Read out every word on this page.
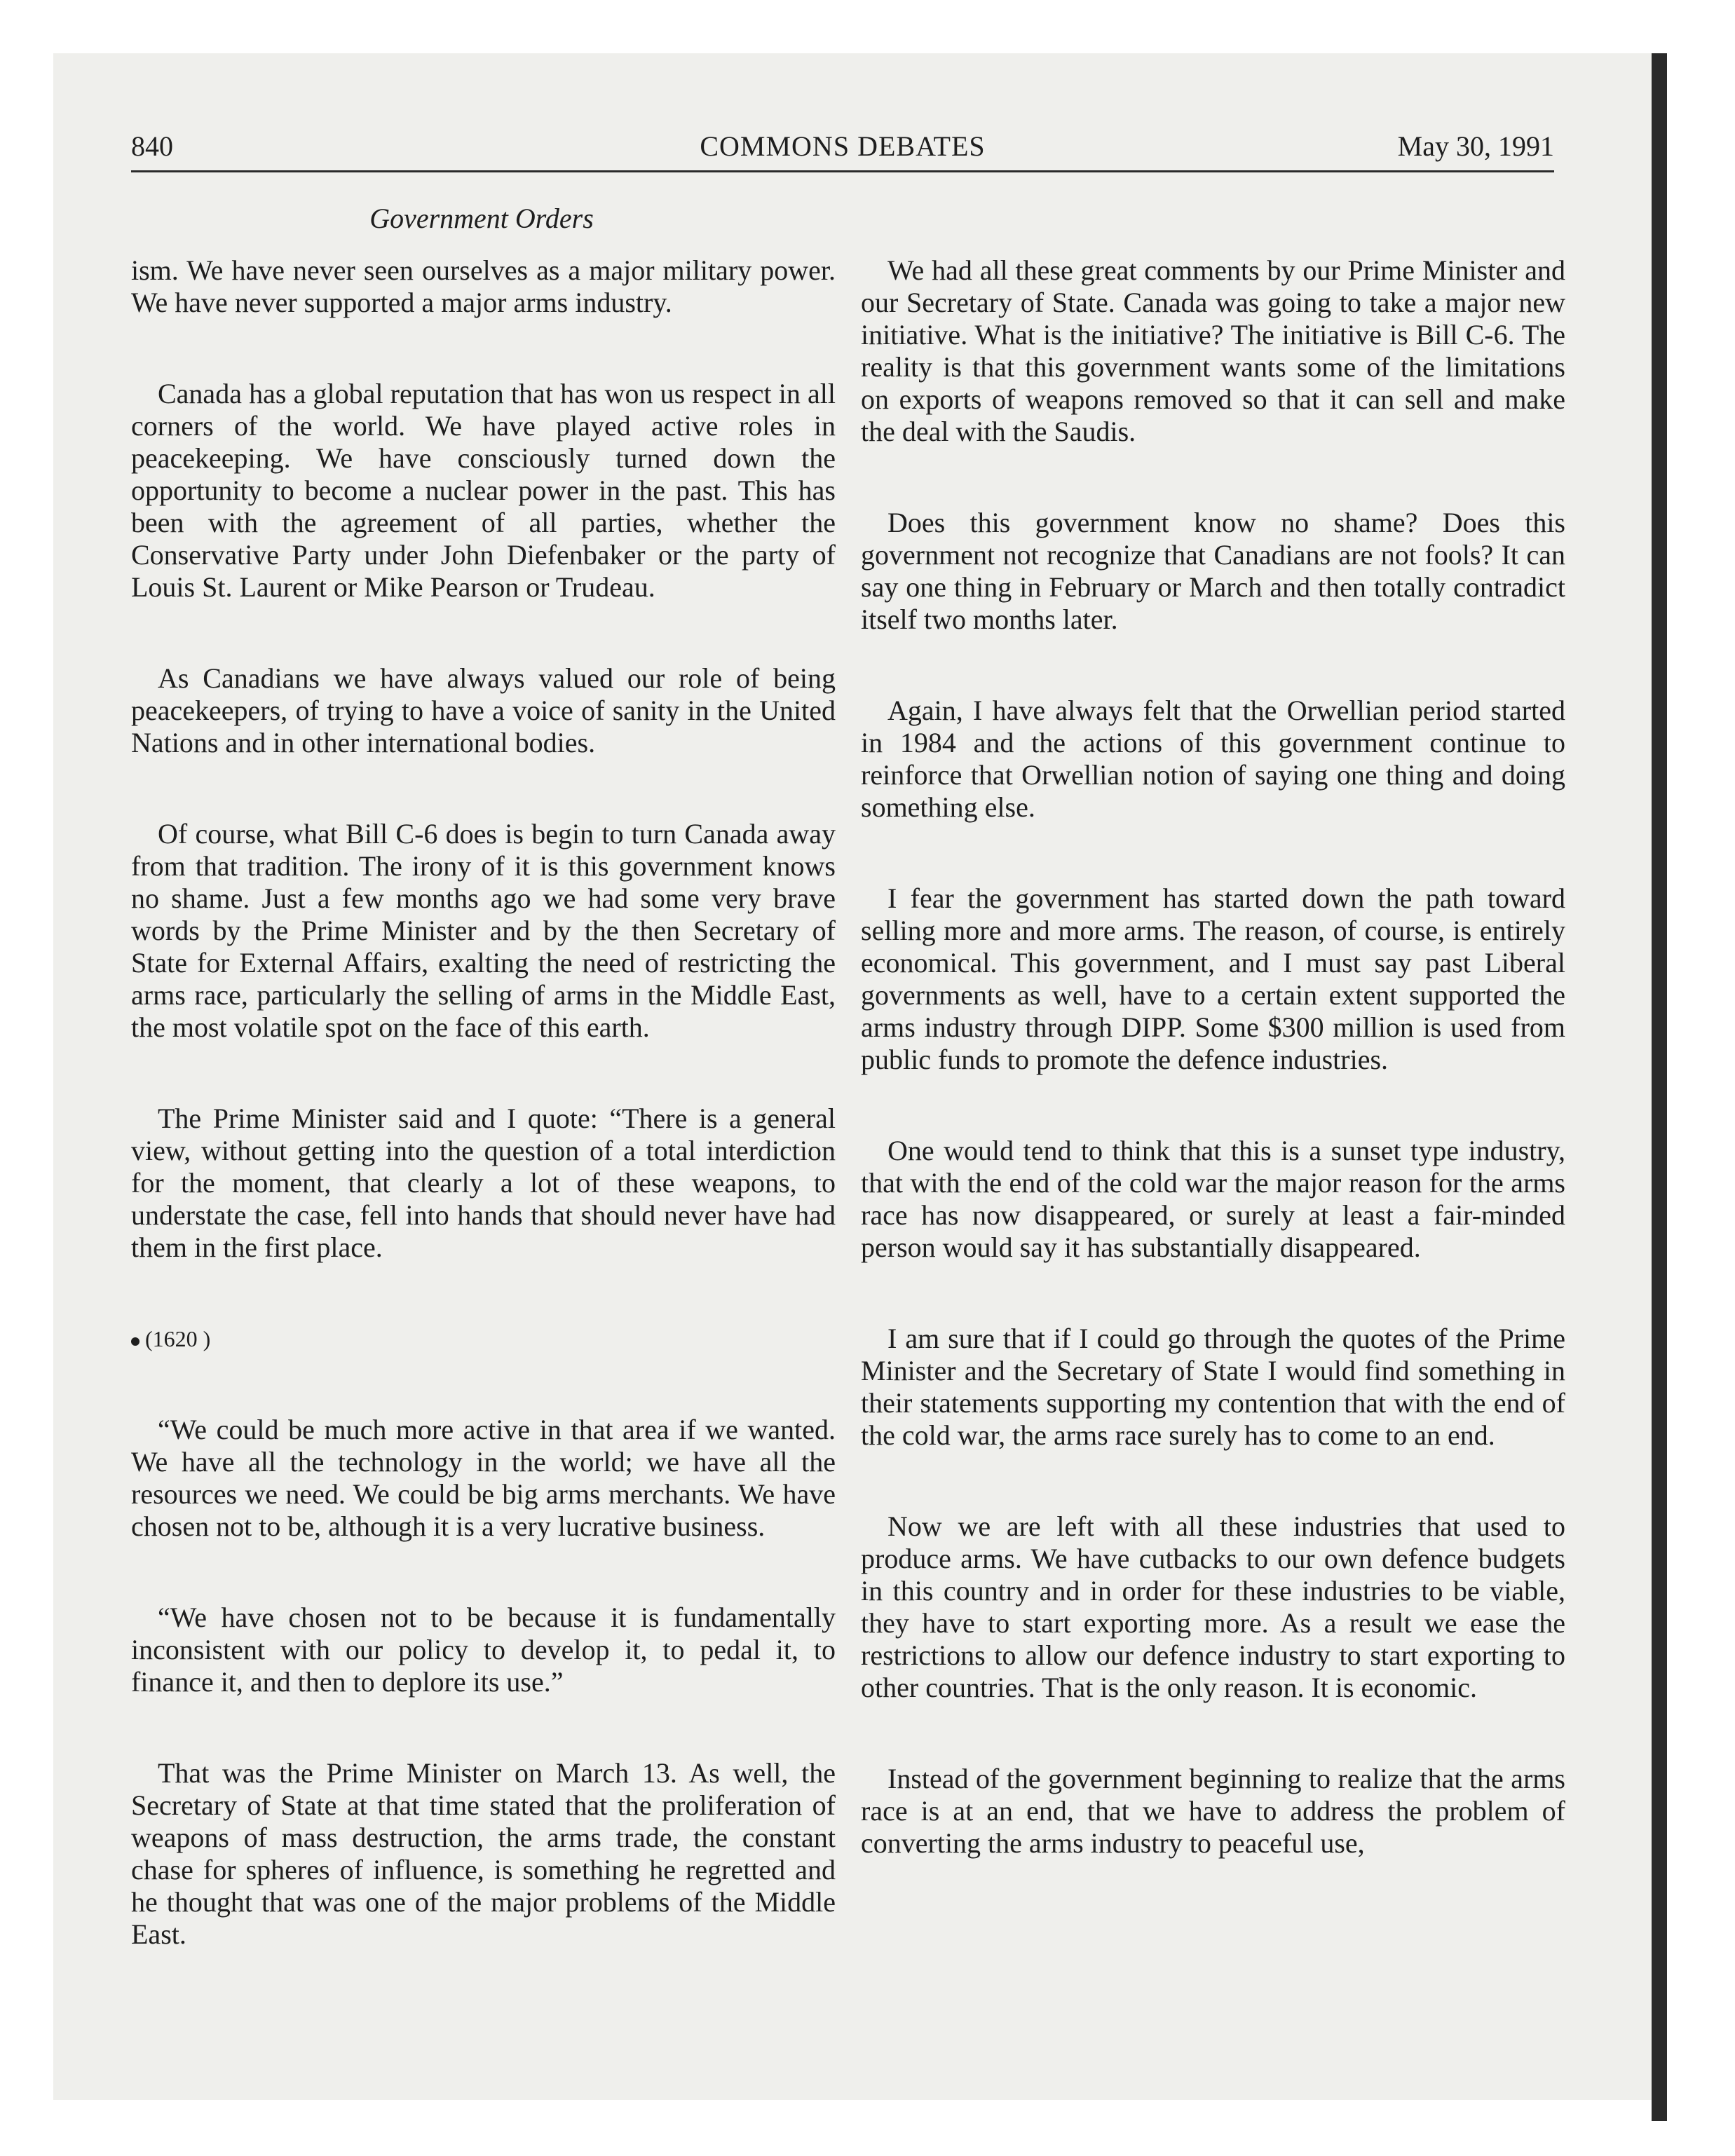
840	COMMONS DEBATES	May 30, 1991
Government Orders

ism. We have never seen ourselves as a major military power. We have never supported a major arms industry.

Canada has a global reputation that has won us respect in all corners of the world. We have played active roles in peacekeeping. We have consciously turned down the opportunity to become a nuclear power in the past. This has been with the agreement of all parties, whether the Conservative Party under John Diefenbaker or the party of Louis St. Laurent or Mike Pearson or Trudeau.

As Canadians we have always valued our role of being peacekeepers, of trying to have a voice of sanity in the United Nations and in other international bodies.

Of course, what Bill C-6 does is begin to turn Canada away from that tradition. The irony of it is this government knows no shame. Just a few months ago we had some very brave words by the Prime Minister and by the then Secretary of State for External Affairs, exalting the need of restricting the arms race, particularly the selling of arms in the Middle East, the most volatile spot on the face of this earth.

The Prime Minister said and I quote: “There is a general view, without getting into the question of a total interdiction for the moment, that clearly a lot of these weapons, to understate the case, fell into hands that should never have had them in the first place.

(1620 )

“We could be much more active in that area if we wanted. We have all the technology in the world; we have all the resources we need. We could be big arms merchants. We have chosen not to be, although it is a very lucrative business.

“We have chosen not to be because it is fundamentally inconsistent with our policy to develop it, to pedal it, to finance it, and then to deplore its use.”

That was the Prime Minister on March 13. As well, the Secretary of State at that time stated that the proliferation of weapons of mass destruction, the arms trade, the constant chase for spheres of influence, is something he regretted and he thought that was one of the major problems of the Middle East.

We had all these great comments by our Prime Minister and our Secretary of State. Canada was going to take a major new initiative. What is the initiative? The initiative is Bill C-6. The reality is that this government wants some of the limitations on exports of weapons removed so that it can sell and make the deal with the Saudis.

Does this government know no shame? Does this government not recognize that Canadians are not fools? It can say one thing in February or March and then totally contradict itself two months later.

Again, I have always felt that the Orwellian period started in 1984 and the actions of this government continue to reinforce that Orwellian notion of saying one thing and doing something else.

I fear the government has started down the path toward selling more and more arms. The reason, of course, is entirely economical. This government, and I must say past Liberal governments as well, have to a certain extent supported the arms industry through DIPP. Some $300 million is used from public funds to promote the defence industries.

One would tend to think that this is a sunset type industry, that with the end of the cold war the major reason for the arms race has now disappeared, or surely at least a fair-minded person would say it has substantially disappeared.

I am sure that if I could go through the quotes of the Prime Minister and the Secretary of State I would find something in their statements supporting my contention that with the end of the cold war, the arms race surely has to come to an end.

Now we are left with all these industries that used to produce arms. We have cutbacks to our own defence budgets in this country and in order for these industries to be viable, they have to start exporting more. As a result we ease the restrictions to allow our defence industry to start exporting to other countries. That is the only reason. It is economic.

Instead of the government beginning to realize that the arms race is at an end, that we have to address the problem of converting the arms industry to peaceful use,
